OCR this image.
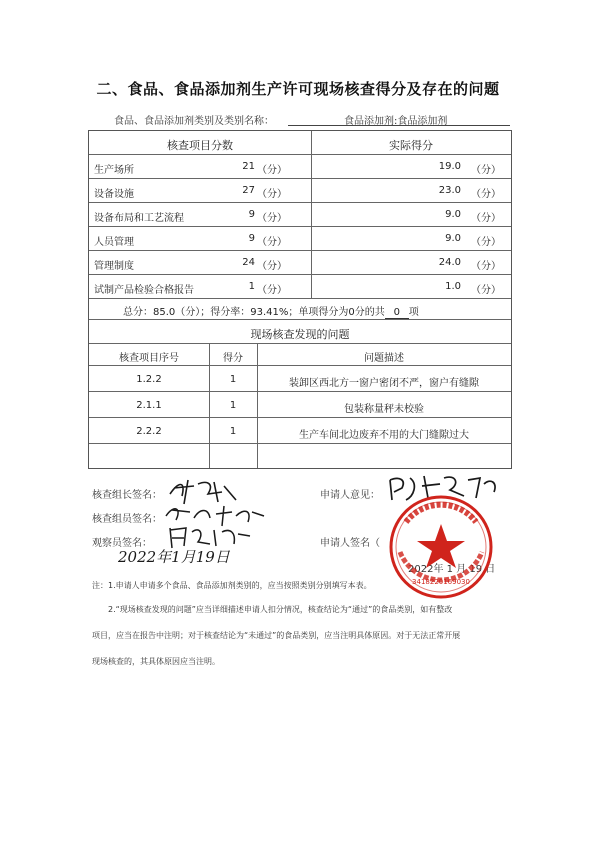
二、食品、食品添加剂生产许可现场核查得分及存在的问题
食品、食品添加剂类别及类别名称：	食品添加剂:食品添加剂
核查项目分数	实际得分
生产场所	21 （分）	19.0 （分）
设备设施	27 （分）	23.0 （分）
设备布局和工艺流程	9 （分）	9.0 （分）
人员管理	9 （分）	9.0 （分）
管理制度	24 （分）	24.0 （分）
试制产品检验合格报告	1 （分）	1.0 （分）
总分：85.0（分）；得分率：93.41%；单项得分为0分的共 0 项
现场核查发现的问题
核查项目序号	得分	问题描述
1.2.2	1	装卸区西北方一窗户密闭不严，窗户有缝隙
2.1.1	1	包装称量秤未校验
2.2.2	1	生产车间北边废弃不用的大门缝隙过大
核查组长签名：
核查组员签名：
观察员签名：
申请人意见：
申请人签名（
2022年1月19日
2022年 1 月 19 日
3418220169030
注：1.申请人申请多个食品、食品添加剂类别的，应当按照类别分别填写本表。
2.“现场核查发现的问题”应当详细描述申请人扣分情况，核查结论为“通过”的食品类别，如有整改
项目，应当在报告中注明；对于核查结论为“未通过”的食品类别，应当注明具体原因。对于无法正常开展
现场核查的，其具体原因应当注明。
